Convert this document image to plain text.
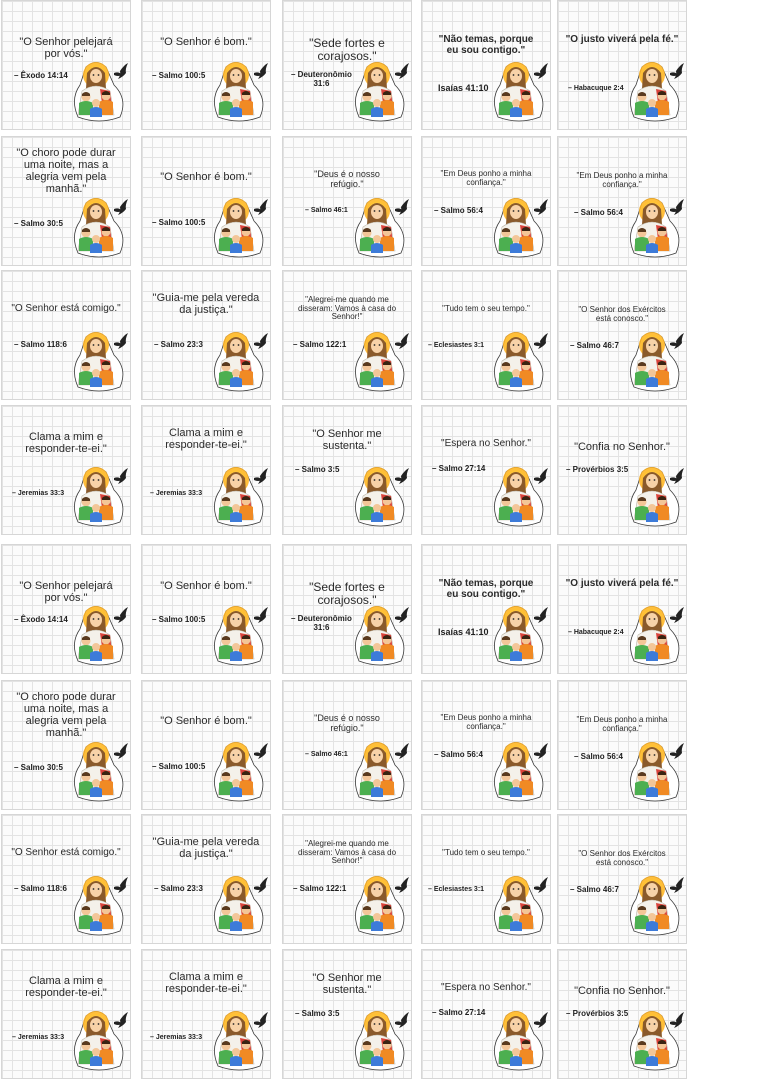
"O Senhor pelejará
por vós."
– Êxodo 14:14
"O Senhor é bom."
– Salmo 100:5
"Sede fortes e
corajosos."
– Deuteronômio
31:6
"Não temas, porque
eu sou contigo."
Isaías 41:10
"O justo viverá pela fé."
– Habacuque 2:4
"O choro pode durar
uma noite, mas a
alegria vem pela
manhã."
– Salmo 30:5
"O Senhor é bom."
– Salmo 100:5
"Deus é o nosso
refúgio."
– Salmo 46:1
"Em Deus ponho a minha
confiança."
– Salmo 56:4
"Em Deus ponho a minha
confiança."
– Salmo 56:4
"O Senhor está comigo."
– Salmo 118:6
"Guia-me pela vereda
da justiça."
– Salmo 23:3
"Alegrei-me quando me
disseram: Vamos à casa do
Senhor!"
– Salmo 122:1
"Tudo tem o seu tempo."
– Eclesiastes 3:1
"O Senhor dos Exércitos
está conosco."
– Salmo 46:7
Clama a mim e
responder-te-ei."
– Jeremias 33:3
Clama a mim e
responder-te-ei."
– Jeremias 33:3
"O Senhor me
sustenta."
– Salmo 3:5
"Espera no Senhor."
– Salmo 27:14
"Confia no Senhor."
– Provérbios 3:5
"O Senhor pelejará
por vós."
– Êxodo 14:14
"O Senhor é bom."
– Salmo 100:5
"Sede fortes e
corajosos."
– Deuteronômio
31:6
"Não temas, porque
eu sou contigo."
Isaías 41:10
"O justo viverá pela fé."
– Habacuque 2:4
"O choro pode durar
uma noite, mas a
alegria vem pela
manhã."
– Salmo 30:5
"O Senhor é bom."
– Salmo 100:5
"Deus é o nosso
refúgio."
– Salmo 46:1
"Em Deus ponho a minha
confiança."
– Salmo 56:4
"Em Deus ponho a minha
confiança."
– Salmo 56:4
"O Senhor está comigo."
– Salmo 118:6
"Guia-me pela vereda
da justiça."
– Salmo 23:3
"Alegrei-me quando me
disseram: Vamos à casa do
Senhor!"
– Salmo 122:1
"Tudo tem o seu tempo."
– Eclesiastes 3:1
"O Senhor dos Exércitos
está conosco."
– Salmo 46:7
Clama a mim e
responder-te-ei."
– Jeremias 33:3
Clama a mim e
responder-te-ei."
– Jeremias 33:3
"O Senhor me
sustenta."
– Salmo 3:5
"Espera no Senhor."
– Salmo 27:14
"Confia no Senhor."
– Provérbios 3:5
